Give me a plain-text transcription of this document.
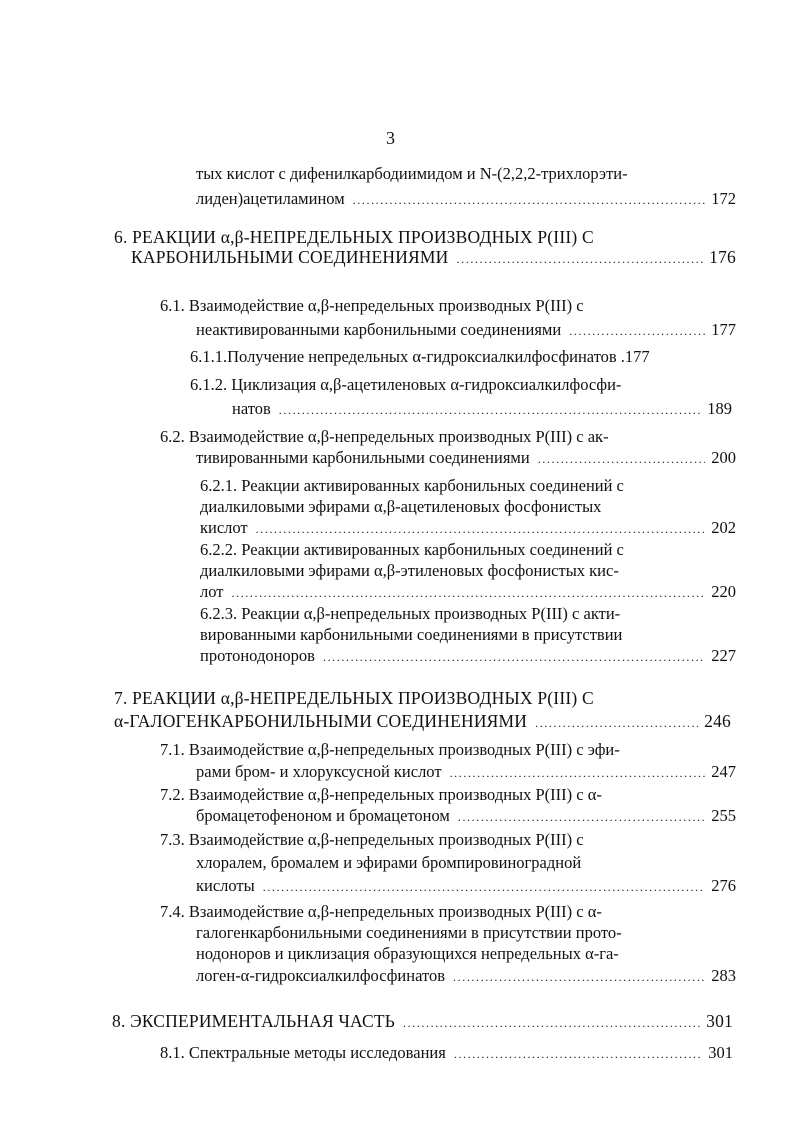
3
тых кислот с дифенилкарбодиимидом и N-(2,2,2-трихлорэти-
лиден)ацетиламином .....	172
6. РЕАКЦИИ α,β-НЕПРЕДЕЛЬНЫХ ПРОИЗВОДНЫХ P(III) С
КАРБОНИЛЬНЫМИ СОЕДИНЕНИЯМИ .....	176
6.1. Взаимодействие α,β-непредельных производных P(III) с
неактивированными карбонильными соединениями .....	177
6.1.1.Получение непредельных α-гидроксиалкилфосфинатов .177
6.1.2. Циклизация α,β-ацетиленовых α-гидроксиалкилфосфи-
натов .....	189
6.2. Взаимодействие α,β-непредельных производных P(III) с ак-
тивированными карбонильными соединениями .....	200
6.2.1. Реакции активированных карбонильных соединений с
диалкиловыми эфирами α,β-ацетиленовых фосфонистых
кислот .....	202
6.2.2. Реакции активированных карбонильных соединений с
диалкиловыми эфирами α,β-этиленовых фосфонистых кис-
лот .....	220
6.2.3. Реакции α,β-непредельных производных P(III) с акти-
вированными карбонильными соединениями в присутствии
протонодоноров .....	227
7. РЕАКЦИИ α,β-НЕПРЕДЕЛЬНЫХ ПРОИЗВОДНЫХ P(III) С
α-ГАЛОГЕНКАРБОНИЛЬНЫМИ СОЕДИНЕНИЯМИ .....	246
7.1. Взаимодействие α,β-непредельных производных P(III) с эфи-
рами бром- и хлоруксусной кислот .....	247
7.2. Взаимодействие α,β-непредельных производных P(III) с α-
бромацетофеноном и бромацетоном .....	255
7.3. Взаимодействие α,β-непредельных производных P(III) с
хлоралем, бромалем и эфирами бромпировиноградной
кислоты .....	276
7.4. Взаимодействие α,β-непредельных производных P(III) с α-
галогенкарбонильными соединениями в присутствии прото-
нодоноров и циклизация образующихся непредельных α-га-
логен-α-гидроксиалкилфосфинатов .....	283
8. ЭКСПЕРИМЕНТАЛЬНАЯ ЧАСТЬ .....	301
8.1. Спектральные методы исследования .....	301
